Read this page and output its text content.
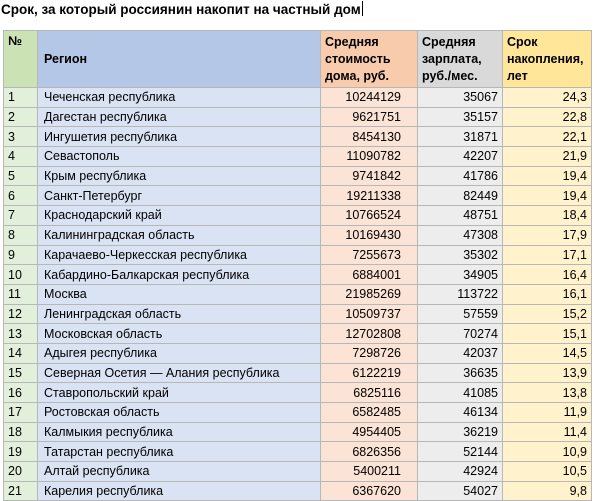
Срок, за который россиянин накопит на частный дом
№	Регион	Средняя стоимость дома, руб.	Средняя зарплата, руб./мес.	Срок накопления, лет

1	Чеченская республика	10244129	35067	24,3
2	Дагестан республика	9621751	35157	22,8
3	Ингушетия республика	8454130	31871	22,1
4	Севастополь	11090782	42207	21,9
5	Крым республика	9741842	41786	19,4
6	Санкт-Петербург	19211338	82449	19,4
7	Краснодарский край	10766524	48751	18,4
8	Калининградская область	10169430	47308	17,9
9	Карачаево-Черкесская республика	7255673	35302	17,1
10	Кабардино-Балкарская республика	6884001	34905	16,4
11	Москва	21985269	113722	16,1
12	Ленинградская область	10509737	57559	15,2
13	Московская область	12702808	70274	15,1
14	Адыгея республика	7298726	42037	14,5
15	Северная Осетия — Алания республика	6122219	36635	13,9
16	Ставропольский край	6825116	41085	13,8
17	Ростовская область	6582485	46134	11,9
18	Калмыкия республика	4954405	36219	11,4
19	Татарстан республика	6826356	52144	10,9
20	Алтай республика	5400211	42924	10,5
21	Карелия республика	6367620	54027	9,8
